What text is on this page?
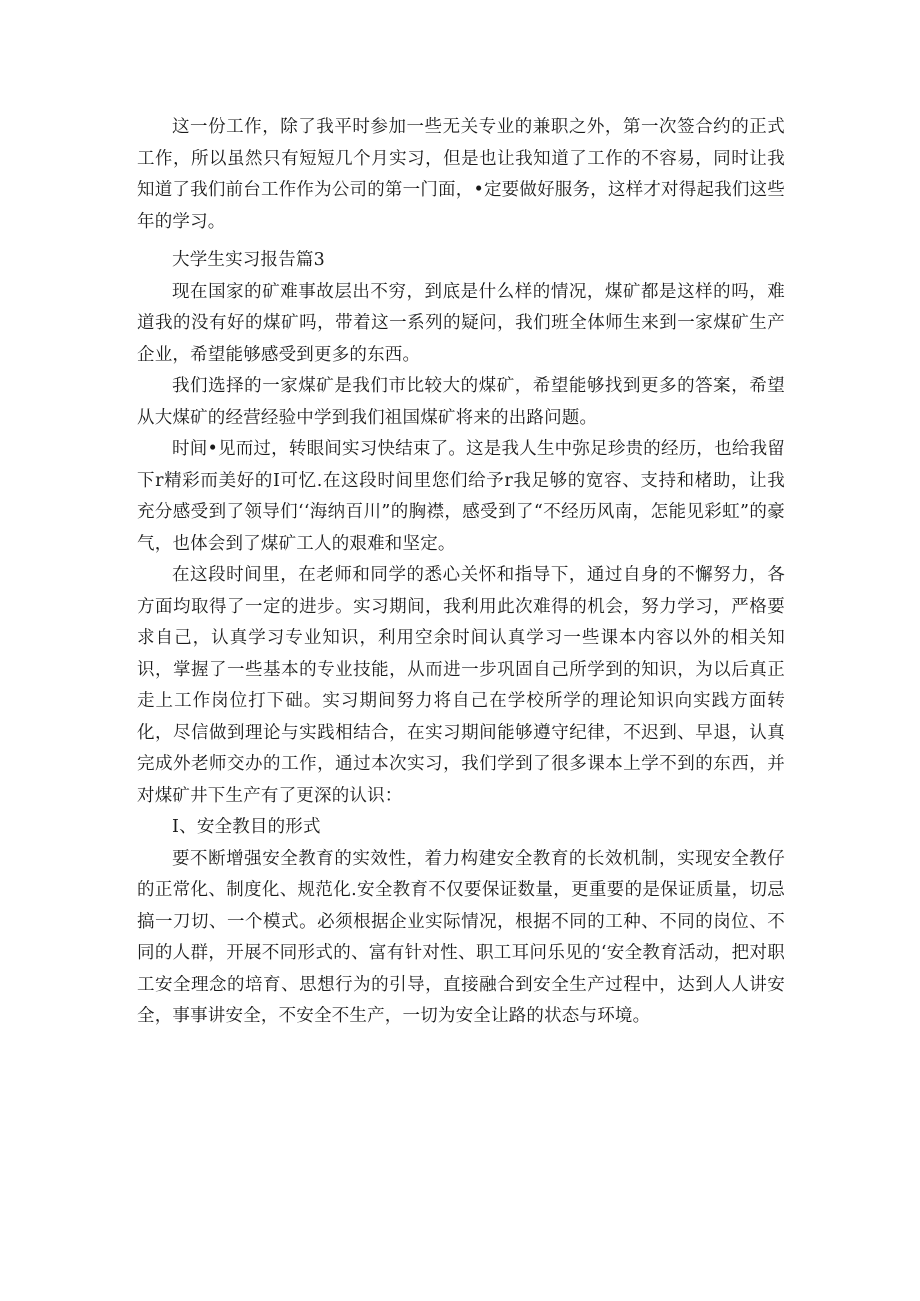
这一份工作，除了我平时参加一些无关专业的兼职之外，第一次签合约的正式工作，所以虽然只有短短几个月实习，但是也让我知道了工作的不容易，同时让我知道了我们前台工作作为公司的第一门面，•定要做好服务，这样才对得起我们这些年的学习。

大学生实习报告篇3

现在国家的矿难事故层出不穷，到底是什么样的情况，煤矿都是这样的吗，难道我的没有好的煤矿吗，带着这一系列的疑问，我们班全体师生来到一家煤矿生产企业，希望能够感受到更多的东西。

我们选择的一家煤矿是我们市比较大的煤矿，希望能够找到更多的答案，希望从大煤矿的经营经验中学到我们祖国煤矿将来的出路问题。

时间•见而过，转眼间实习快结束了。这是我人生中弥足珍贵的经历，也给我留下r精彩而美好的I可忆.在这段时间里您们给予r我足够的宽容、支持和楮助，让我充分感受到了领导们‘‘海纳百川”的胸襟，感受到了“不经历风南，怎能见彩虹”的豪气，也体会到了煤矿工人的艰难和坚定。

在这段时间里，在老师和同学的悉心关怀和指导下，通过自身的不懈努力，各方面均取得了一定的进步。实习期间，我利用此次难得的机会，努力学习，严格要求自己，认真学习专业知识，利用空余时间认真学习一些课本内容以外的相关知识，掌握了一些基本的专业技能，从而进一步巩固自己所学到的知识，为以后真正走上工作岗位打下础。实习期间努力将自己在学校所学的理论知识向实践方面转化，尽信做到理论与实践相结合，在实习期间能够遵守纪律，不迟到、早退，认真完成外老师交办的工作，通过本次实习，我们学到了很多课本上学不到的东西，并对煤矿井下生产有了更深的认识：

I、安全教目的形式

要不断增强安全教育的实效性，着力构建安全教育的长效机制，实现安全教仔的正常化、制度化、规范化.安全教育不仅要保证数量，更重要的是保证质量，切忌搞一刀切、一个模式。必须根据企业实际情况，根据不同的工种、不同的岗位、不同的人群，开展不同形式的、富有针对性、职工耳问乐见的‘安全教育活动，把对职工安全理念的培育、思想行为的引导，直接融合到安全生产过程中，达到人人讲安全，事事讲安全，不安全不生产，一切为安全让路的状态与环境。
